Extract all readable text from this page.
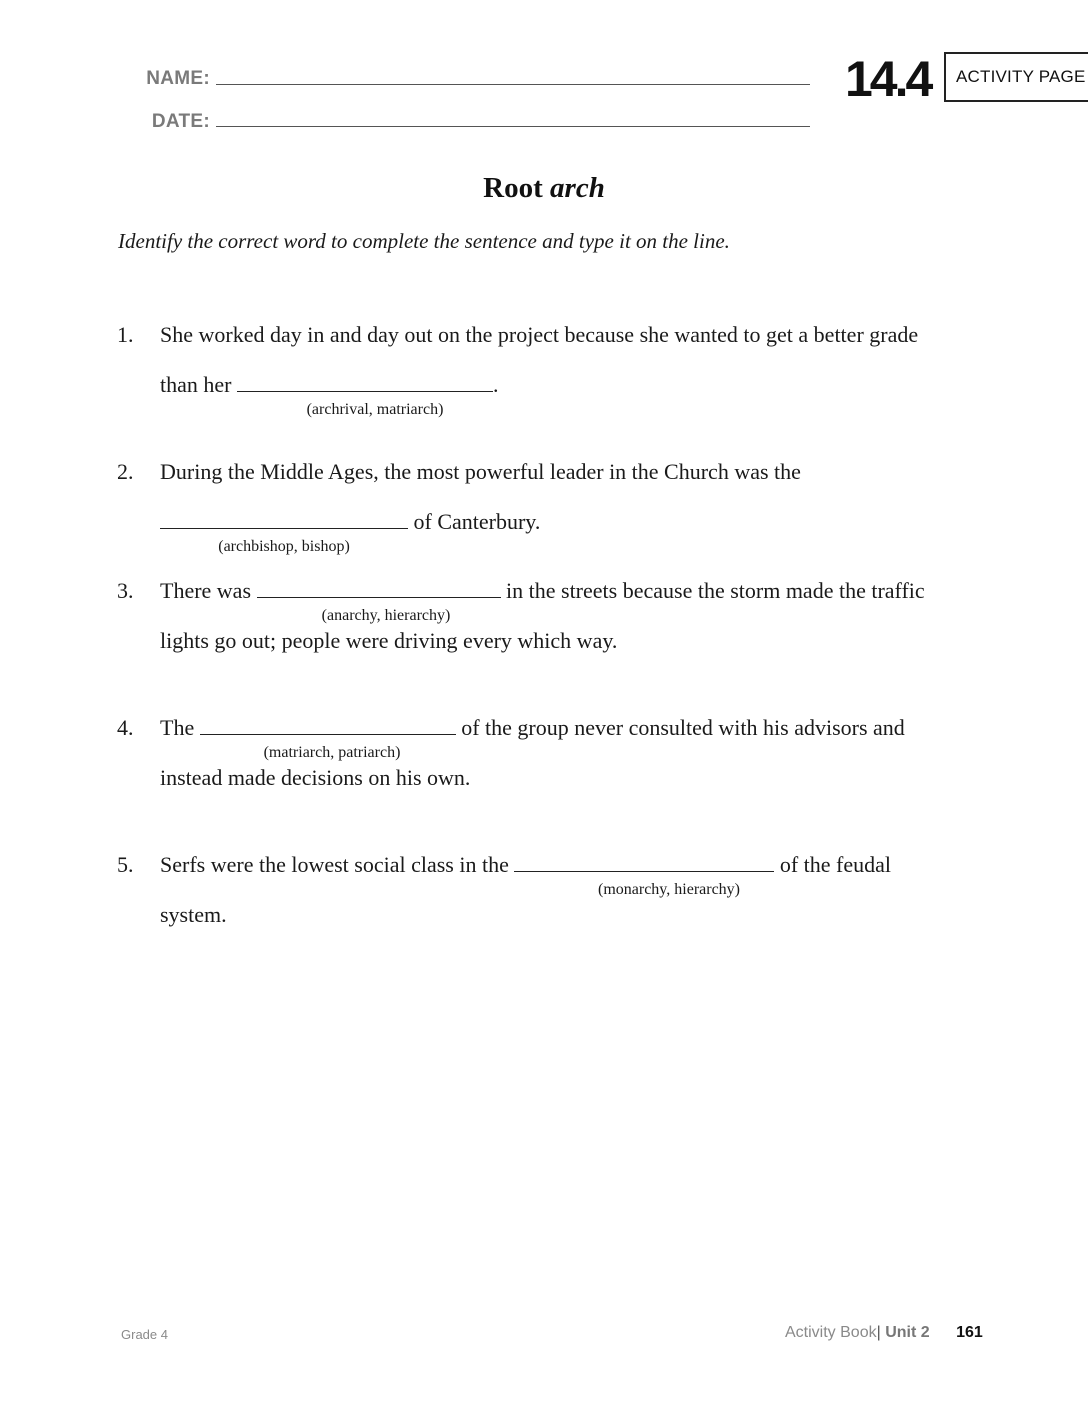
NAME:
DATE:
14.4	ACTIVITY PAGE
Root arch
Identify the correct word to complete the sentence and type it on the line.
1.	She worked day in and day out on the project because she wanted to get a better grade
than her	.
(archrival, matriarch)
2.	During the Middle Ages, the most powerful leader in the Church was the
of Canterbury.
(archbishop, bishop)
3.	There was	in the streets because the storm made the traffic
(anarchy, hierarchy)
lights go out; people were driving every which way.
4.	The	of the group never consulted with his advisors and
(matriarch, patriarch)
instead made decisions on his own.
5.	Serfs were the lowest social class in the	of the feudal
(monarchy, hierarchy)
system.
Grade 4	Activity Book| Unit 2 161
